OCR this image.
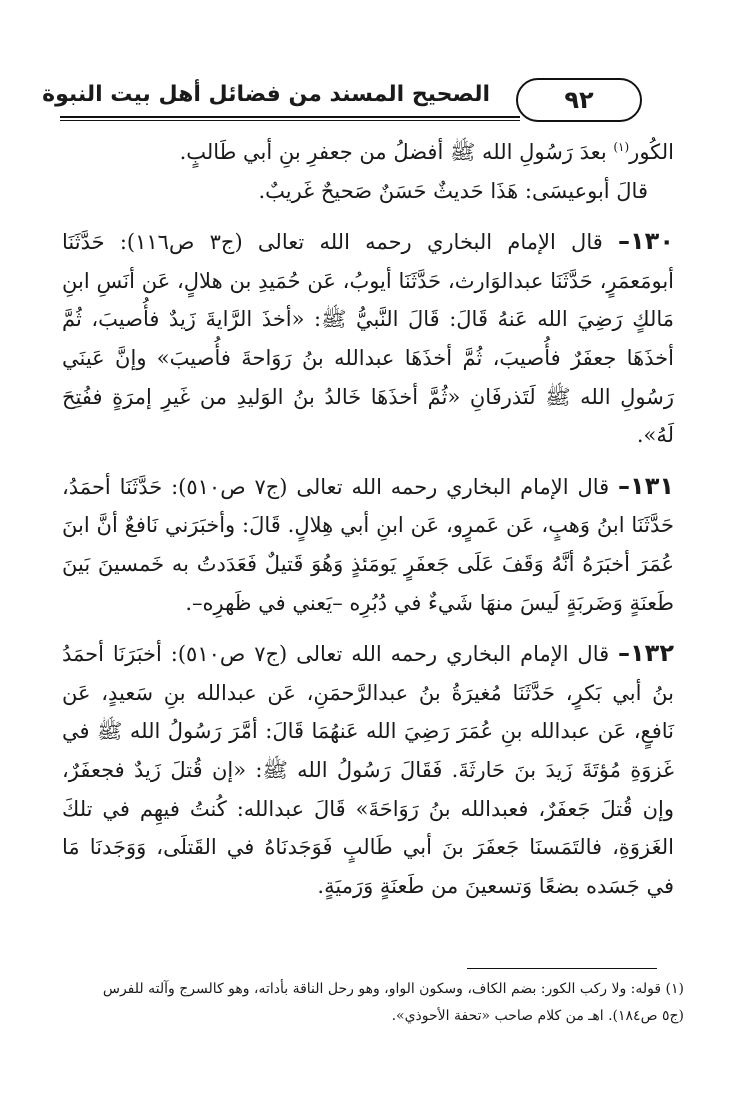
الصحيح المسند من فضائل أهل بيت النبوة	٩٢

الكُور$^{(١)}$ بعدَ رَسُولِ الله ﷺ أفضلُ من جعفرِ بنِ أبي طَالبٍ.

قالَ أبوعيسَى: هَذَا حَديثٌ حَسَنٌ صَحيحٌ غَريبٌ.

١٣٠– قال الإمام البخاري رحمه الله تعالى (ج٣ ص١١٦): حَدَّثَنَا أبومَعمَرٍ، حَدَّثَنَا عبدالوَارث، حَدَّثَنَا أيوبُ، عَن حُمَيدِ بن هلالٍ، عَن أنَسِ ابنِ مَالكٍ رَضِيَ الله عَنهُ قَالَ: قَالَ النَّبيُّ ﷺ: «أخذَ الرَّايةَ زَيدٌ فأُصيبَ، ثُمَّ أخذَهَا جعفَرٌ فأُصيبَ، ثُمَّ أخذَهَا عبدالله بنُ رَوَاحةَ فأُصيبَ» وإنَّ عَينَي رَسُولِ الله ﷺ لَتَذرفَانِ «ثُمَّ أخذَهَا خَالدُ بنُ الوَليدِ من غَيرِ إمرَةٍ ففُتِحَ لَهُ».

١٣١– قال الإمام البخاري رحمه الله تعالى (ج٧ ص٥١٠): حَدَّثَنَا أحمَدُ، حَدَّثَنَا ابنُ وَهبٍ، عَن عَمرٍو، عَن ابنِ أبي هِلالٍ. قَالَ: وأخبَرَني نَافعٌ أنَّ ابنَ عُمَرَ أخبَرَهُ أنَّهُ وَقَفَ عَلَى جَعفَرٍ يَومَئذٍ وَهُوَ قَتيلٌ فَعَدَدتُ به خَمسينَ بَينَ طَعنَةٍ وَضَربَةٍ لَيسَ منهَا شَيءٌ في دُبُرِه –يَعني في ظَهرِه–.

١٣٢– قال الإمام البخاري رحمه الله تعالى (ج٧ ص٥١٠): أخبَرَنَا أحمَدُ بنُ أبي بَكرٍ، حَدَّثَنَا مُغيرَةُ بنُ عبدالرَّحمَنِ، عَن عبدالله بنِ سَعيدٍ، عَن نَافعٍ، عَن عبدالله بنِ عُمَرَ رَضِيَ الله عَنهُمَا قَالَ: أمَّرَ رَسُولُ الله ﷺ في غَزوَةِ مُؤتَةَ زَيدَ بنَ حَارثَةَ. فَقَالَ رَسُولُ الله ﷺ: «إن قُتلَ زَيدٌ فجعفَرٌ، وإن قُتلَ جَعفَرٌ، فعبدالله بنُ رَوَاحَةَ» قَالَ عبدالله: كُنتُ فيهِم في تلكَ الغَزوَةِ، فالتَمَسنَا جَعفَرَ بنَ أبي طَالبٍ فَوَجَدنَاهُ في القَتلَى، وَوَجَدنَا مَا في جَسَده بضعًا وَتسعينَ من طَعنَةٍ وَرَميَةٍ.

(١) قوله: ولا ركب الكور: بضم الكاف، وسكون الواو، وهو رحل الناقة بأداته، وهو كالسرج وآلته للفرس

(ج٥ ص١٨٤). اهـ من كلام صاحب «تحفة الأحوذي».
